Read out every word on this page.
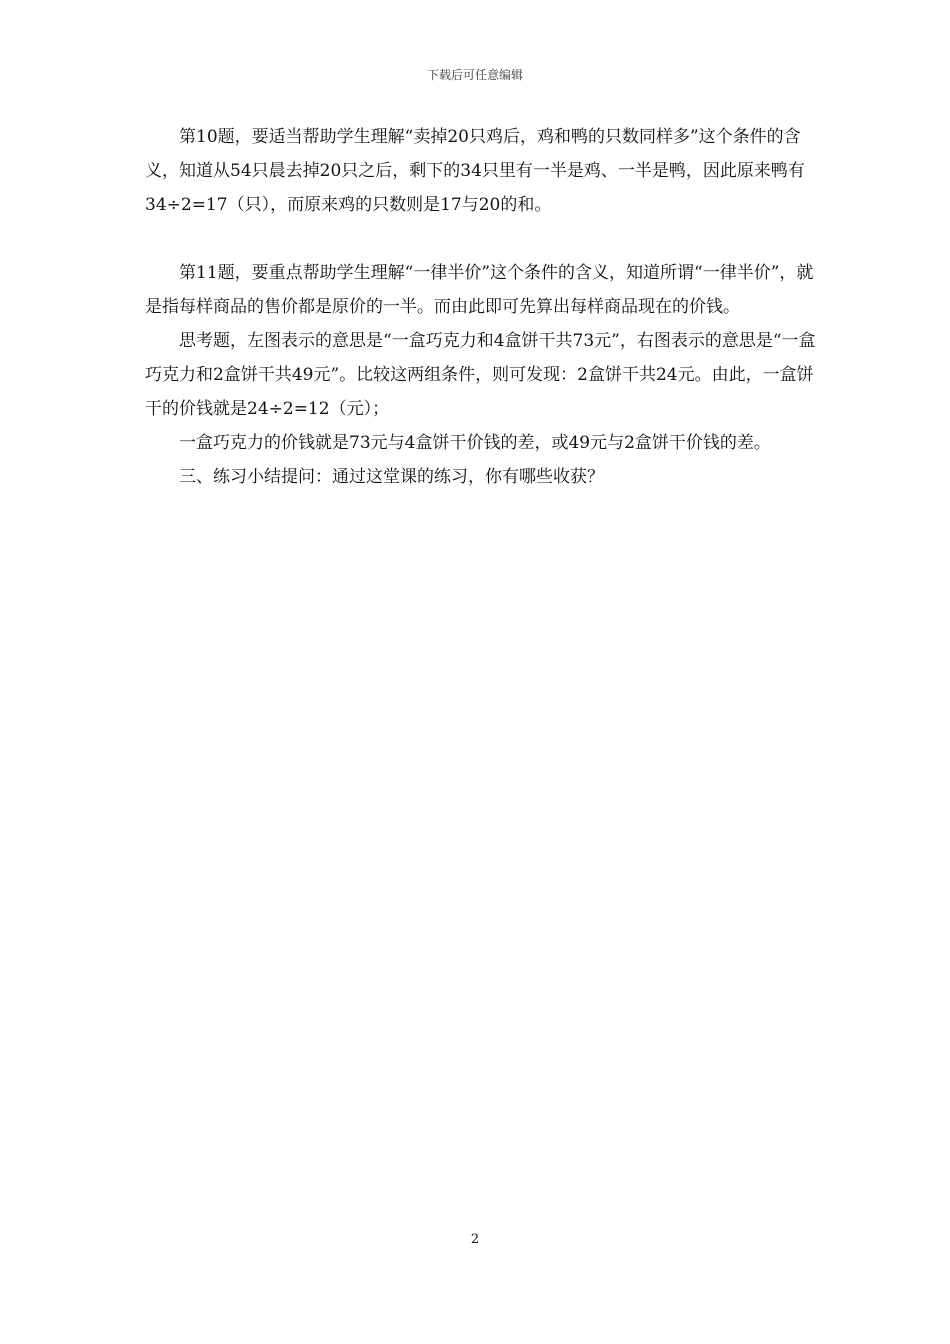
下载后可任意编辑

第10题，要适当帮助学生理解“卖掉20只鸡后，鸡和鸭的只数同样多”这个条件的含义，知道从54只晨去掉20只之后，剩下的34只里有一半是鸡、一半是鸭，因此原来鸭有34÷2=17（只），而原来鸡的只数则是17与20的和。

第11题，要重点帮助学生理解“一律半价”这个条件的含义，知道所谓“一律半价”，就是指每样商品的售价都是原价的一半。而由此即可先算出每样商品现在的价钱。

思考题，左图表示的意思是“一盒巧克力和4盒饼干共73元”，右图表示的意思是“一盒巧克力和2盒饼干共49元”。比较这两组条件，则可发现：2盒饼干共24元。由此，一盒饼干的价钱就是24÷2=12（元）；

一盒巧克力的价钱就是73元与4盒饼干价钱的差，或49元与2盒饼干价钱的差。

三、练习小结提问：通过这堂课的练习，你有哪些收获？

2
